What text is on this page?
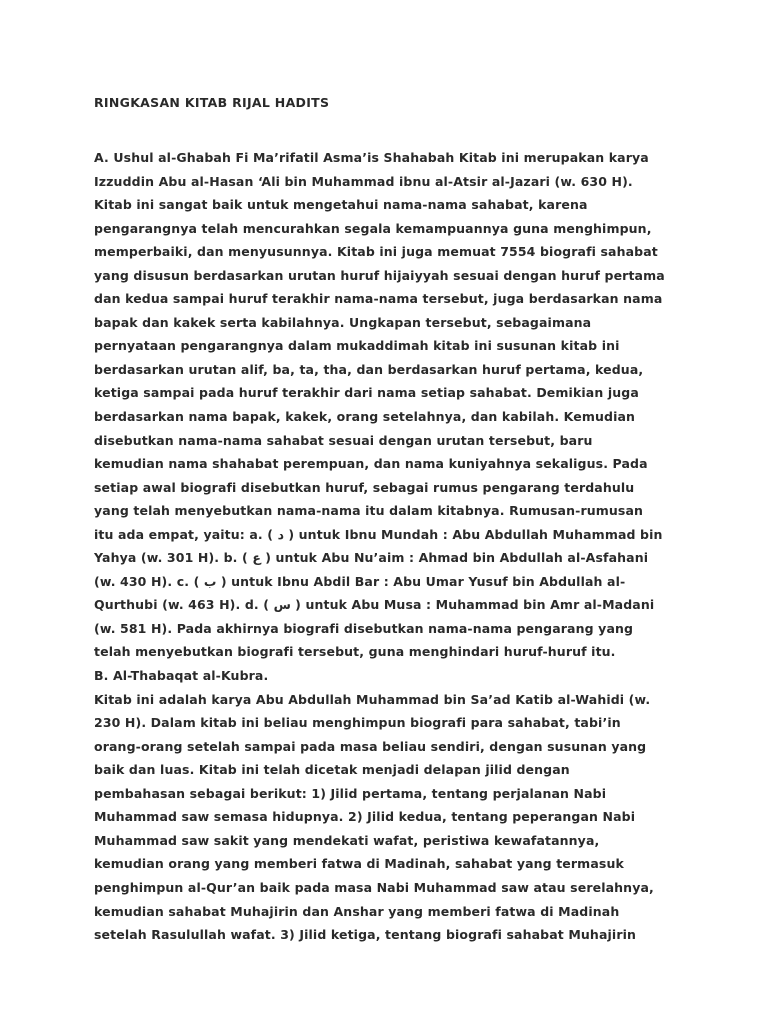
RINGKASAN KITAB RIJAL HADITS
A. Ushul al-Ghabah Fi Ma’rifatil Asma’is Shahabah Kitab ini merupakan karya
Izzuddin Abu al-Hasan ‘Ali bin Muhammad ibnu al-Atsir al-Jazari (w. 630 H).
Kitab ini sangat baik untuk mengetahui nama-nama sahabat, karena
pengarangnya telah mencurahkan segala kemampuannya guna menghimpun,
memperbaiki, dan menyusunnya. Kitab ini juga memuat 7554 biografi sahabat
yang disusun berdasarkan urutan huruf hijaiyyah sesuai dengan huruf pertama
dan kedua sampai huruf terakhir nama-nama tersebut, juga berdasarkan nama
bapak dan kakek serta kabilahnya. Ungkapan tersebut, sebagaimana
pernyataan pengarangnya dalam mukaddimah kitab ini susunan kitab ini
berdasarkan urutan alif, ba, ta, tha, dan berdasarkan huruf pertama, kedua,
ketiga sampai pada huruf terakhir dari nama setiap sahabat. Demikian juga
berdasarkan nama bapak, kakek, orang setelahnya, dan kabilah. Kemudian
disebutkan nama-nama sahabat sesuai dengan urutan tersebut, baru
kemudian nama shahabat perempuan, dan nama kuniyahnya sekaligus. Pada
setiap awal biografi disebutkan huruf, sebagai rumus pengarang terdahulu
yang telah menyebutkan nama-nama itu dalam kitabnya. Rumusan-rumusan
itu ada empat, yaitu: a. ( د ) untuk Ibnu Mundah : Abu Abdullah Muhammad bin
Yahya (w. 301 H). b. ( ع ) untuk Abu Nu’aim : Ahmad bin Abdullah al-Asfahani
(w. 430 H). c. ( ب ) untuk Ibnu Abdil Bar : Abu Umar Yusuf bin Abdullah al-
Qurthubi (w. 463 H). d. ( س ) untuk Abu Musa : Muhammad bin Amr al-Madani
(w. 581 H). Pada akhirnya biografi disebutkan nama-nama pengarang yang
telah menyebutkan biografi tersebut, guna menghindari huruf-huruf itu.
B. Al-Thabaqat al-Kubra.
Kitab ini adalah karya Abu Abdullah Muhammad bin Sa’ad Katib al-Wahidi (w.
230 H). Dalam kitab ini beliau menghimpun biografi para sahabat, tabi’in
orang-orang setelah sampai pada masa beliau sendiri, dengan susunan yang
baik dan luas. Kitab ini telah dicetak menjadi delapan jilid dengan
pembahasan sebagai berikut: 1) Jilid pertama, tentang perjalanan Nabi
Muhammad saw semasa hidupnya. 2) Jilid kedua, tentang peperangan Nabi
Muhammad saw sakit yang mendekati wafat, peristiwa kewafatannya,
kemudian orang yang memberi fatwa di Madinah, sahabat yang termasuk
penghimpun al-Qur’an baik pada masa Nabi Muhammad saw atau serelahnya,
kemudian sahabat Muhajirin dan Anshar yang memberi fatwa di Madinah
setelah Rasulullah wafat. 3) Jilid ketiga, tentang biografi sahabat Muhajirin
